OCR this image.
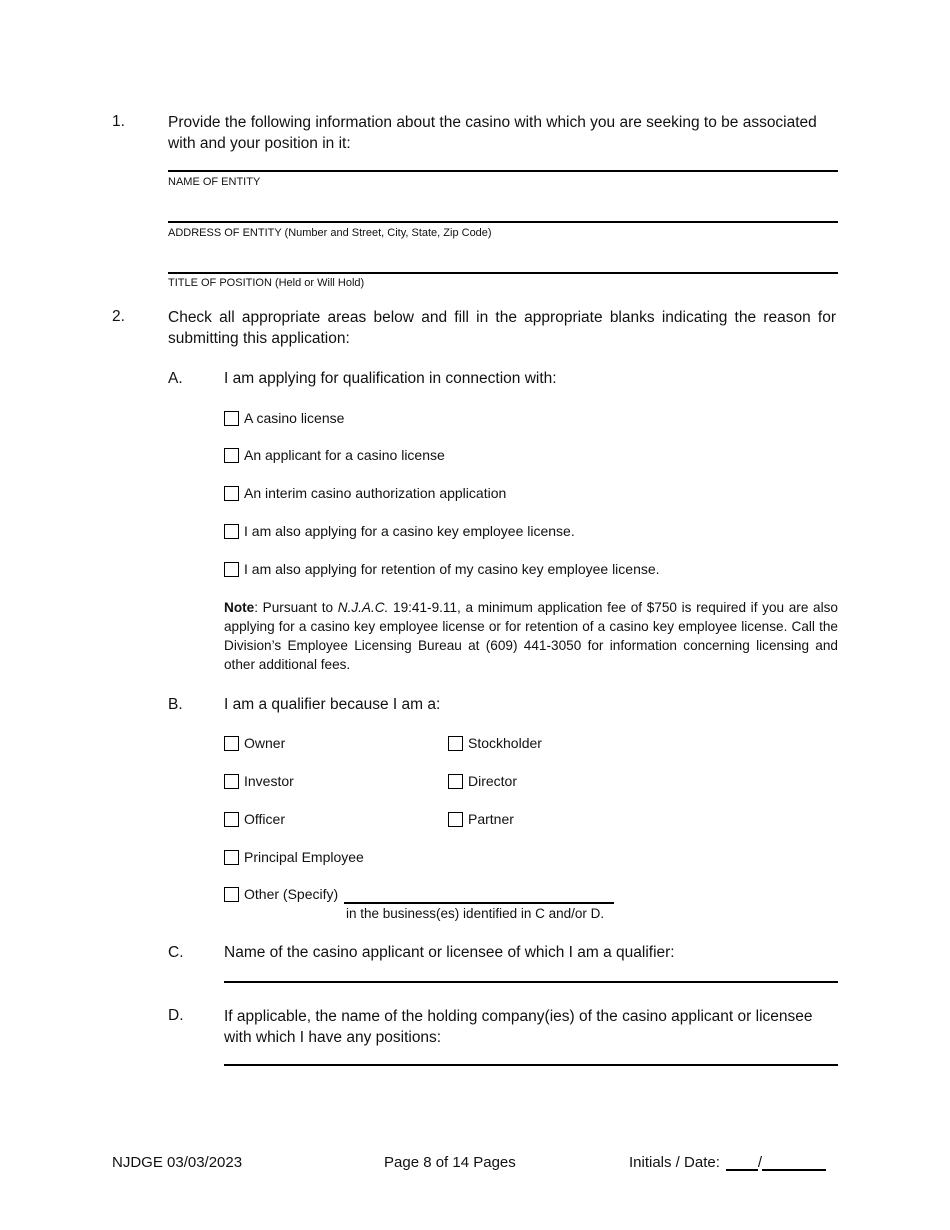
1.	Provide the following information about the casino with which you are seeking to be associated with and your position in it:
NAME OF ENTITY
ADDRESS OF ENTITY (Number and Street, City, State, Zip Code)
TITLE OF POSITION (Held or Will Hold)
2.	Check all appropriate areas below and fill in the appropriate blanks indicating the reason for submitting this application:
A.	I am applying for qualification in connection with:
A casino license
An applicant for a casino license
An interim casino authorization application
I am also applying for a casino key employee license.
I am also applying for retention of my casino key employee license.
Note: Pursuant to N.J.A.C. 19:41-9.11, a minimum application fee of $750 is required if you are also applying for a casino key employee license or for retention of a casino key employee license. Call the Division’s Employee Licensing Bureau at (609) 441-3050 for information concerning licensing and other additional fees.
B.	I am a qualifier because I am a:
Owner	Stockholder
Investor	Director
Officer	Partner
Principal Employee
Other (Specify)
in the business(es) identified in C and/or D.
C.	Name of the casino applicant or licensee of which I am a qualifier:
D.	If applicable, the name of the holding company(ies) of the casino applicant or licensee with which I have any positions:
NJDGE 03/03/2023	Page 8 of 14 Pages	Initials / Date:	/
